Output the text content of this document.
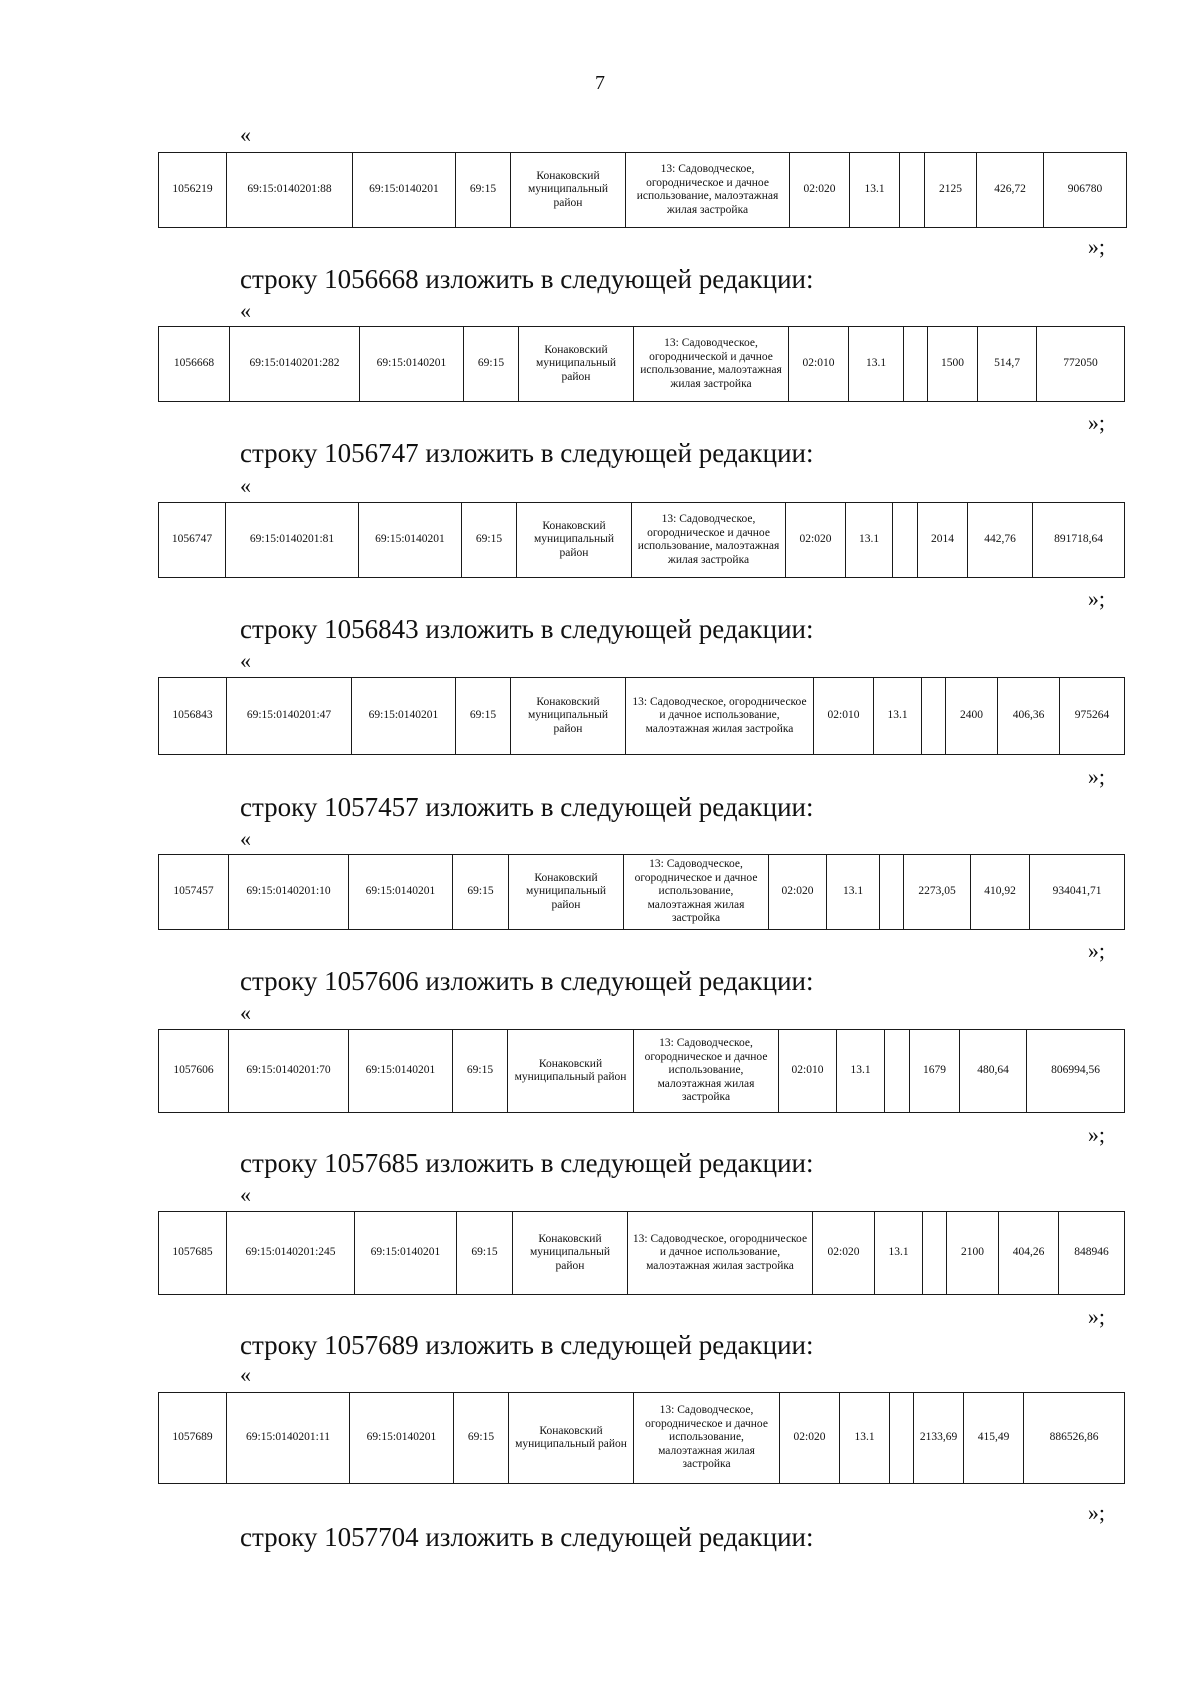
7
«
1056219	69:15:0140201:88	69:15:0140201	69:15	Конаковский муниципальный район	13: Садоводческое, огородническое и дачное использование, малоэтажная жилая застройка	02:020	13.1		2125	426,72	906780
»;
строку 1056668 изложить в следующей редакции:
«
1056668	69:15:0140201:282	69:15:0140201	69:15	Конаковский муниципальный район	13: Садоводческое, огороднической и дачное использование, малоэтажная жилая застройка	02:010	13.1		1500	514,7	772050
»;
строку 1056747 изложить в следующей редакции:
«
1056747	69:15:0140201:81	69:15:0140201	69:15	Конаковский муниципальный район	13: Садоводческое, огородническое и дачное использование, малоэтажная жилая застройка	02:020	13.1		2014	442,76	891718,64
»;
строку 1056843 изложить в следующей редакции:
«
1056843	69:15:0140201:47	69:15:0140201	69:15	Конаковский муниципальный район	13: Садоводческое, огородническое и дачное использование, малоэтажная жилая застройка	02:010	13.1		2400	406,36	975264
»;
строку 1057457 изложить в следующей редакции:
«
1057457	69:15:0140201:10	69:15:0140201	69:15	Конаковский муниципальный район	13: Садоводческое, огородническое и дачное использование, малоэтажная жилая застройка	02:020	13.1		2273,05	410,92	934041,71
»;
строку 1057606 изложить в следующей редакции:
«
1057606	69:15:0140201:70	69:15:0140201	69:15	Конаковский муниципальный район	13: Садоводческое, огородническое и дачное использование, малоэтажная жилая застройка	02:010	13.1		1679	480,64	806994,56
»;
строку 1057685 изложить в следующей редакции:
«
1057685	69:15:0140201:245	69:15:0140201	69:15	Конаковский муниципальный район	13: Садоводческое, огородническое и дачное использование, малоэтажная жилая застройка	02:020	13.1		2100	404,26	848946
»;
строку 1057689 изложить в следующей редакции:
«
1057689	69:15:0140201:11	69:15:0140201	69:15	Конаковский муниципальный район	13: Садоводческое, огородническое и дачное использование, малоэтажная жилая застройка	02:020	13.1		2133,69	415,49	886526,86
»;
строку 1057704 изложить в следующей редакции:
